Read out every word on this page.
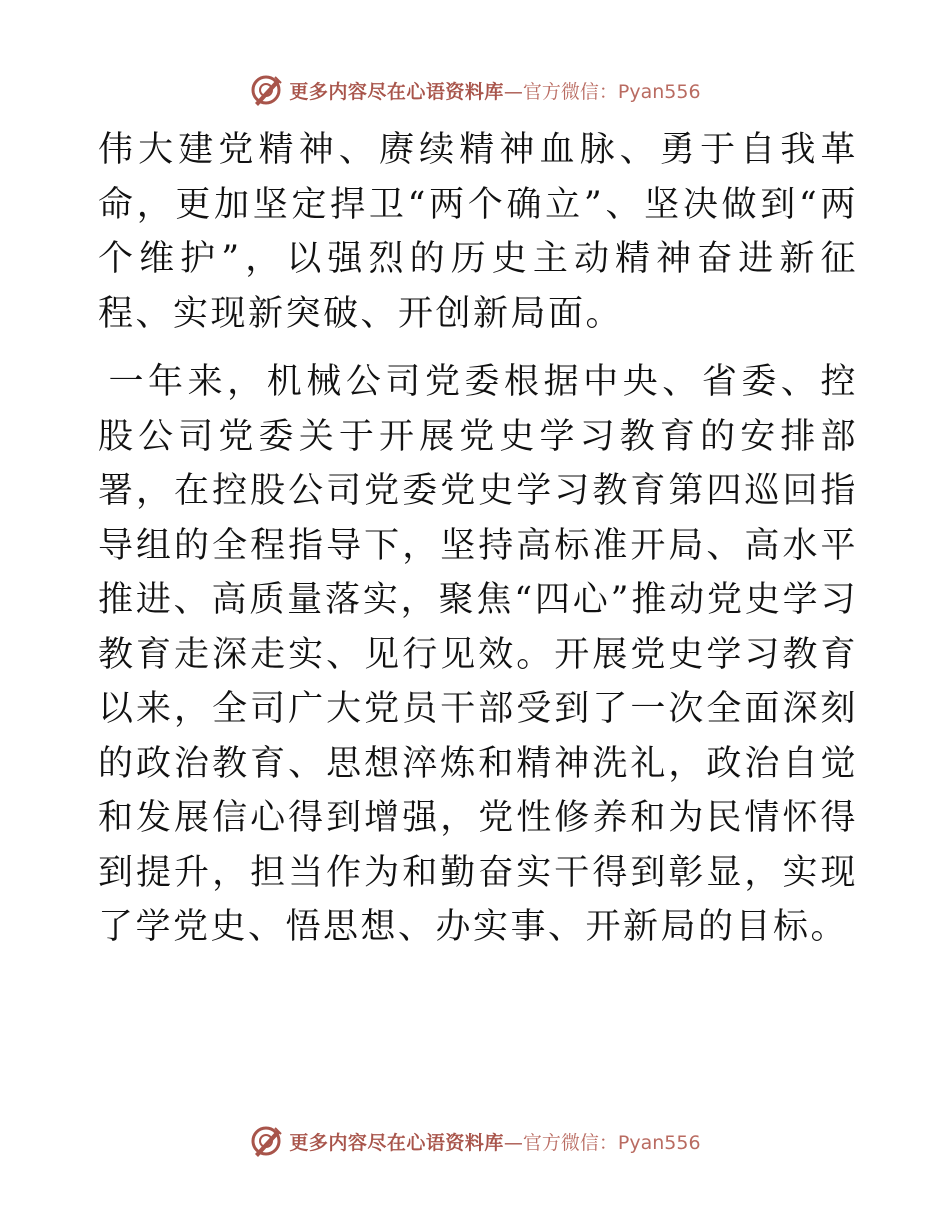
更多内容尽在心语资料库—官方微信：Pyan556

伟大建党精神、赓续精神血脉、勇于自我革命，更加坚定捍卫“两个确立”、坚决做到“两个维护”，以强烈的历史主动精神奋进新征程、实现新突破、开创新局面。

一年来，机械公司党委根据中央、省委、控股公司党委关于开展党史学习教育的安排部署，在控股公司党委党史学习教育第四巡回指导组的全程指导下，坚持高标准开局、高水平推进、高质量落实，聚焦“四心”推动党史学习教育走深走实、见行见效。开展党史学习教育以来，全司广大党员干部受到了一次全面深刻的政治教育、思想淬炼和精神洗礼，政治自觉和发展信心得到增强，党性修养和为民情怀得到提升，担当作为和勤奋实干得到彰显，实现了学党史、悟思想、办实事、开新局的目标。

更多内容尽在心语资料库—官方微信：Pyan556
